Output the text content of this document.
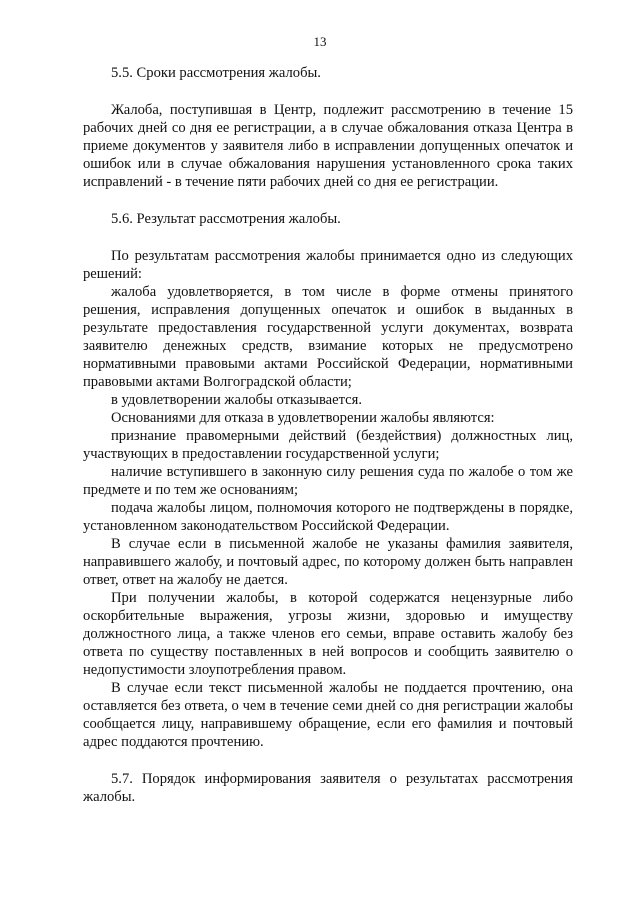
13

5.5. Сроки рассмотрения жалобы.

Жалоба, поступившая в Центр, подлежит рассмотрению в течение 15 рабочих дней со дня ее регистрации, а в случае обжалования отказа Центра в приеме документов у заявителя либо в исправлении допущенных опечаток и ошибок или в случае обжалования нарушения установленного срока таких исправлений - в течение пяти рабочих дней со дня ее регистрации.

5.6. Результат рассмотрения жалобы.

По результатам рассмотрения жалобы принимается одно из следующих решений:

жалоба удовлетворяется, в том числе в форме отмены принятого решения, исправления допущенных опечаток и ошибок в выданных в результате предоставления государственной услуги документах, возврата заявителю денежных средств, взимание которых не предусмотрено нормативными правовыми актами Российской Федерации, нормативными правовыми актами Волгоградской области;

в удовлетворении жалобы отказывается.

Основаниями для отказа в удовлетворении жалобы являются:

признание правомерными действий (бездействия) должностных лиц, участвующих в предоставлении государственной услуги;

наличие вступившего в законную силу решения суда по жалобе о том же предмете и по тем же основаниям;

подача жалобы лицом, полномочия которого не подтверждены в порядке, установленном законодательством Российской Федерации.

В случае если в письменной жалобе не указаны фамилия заявителя, направившего жалобу, и почтовый адрес, по которому должен быть направлен ответ, ответ на жалобу не дается.

При получении жалобы, в которой содержатся нецензурные либо оскорбительные выражения, угрозы жизни, здоровью и имуществу должностного лица, а также членов его семьи, вправе оставить жалобу без ответа по существу поставленных в ней вопросов и сообщить заявителю о недопустимости злоупотребления правом.

В случае если текст письменной жалобы не поддается прочтению, она оставляется без ответа, о чем в течение семи дней со дня регистрации жалобы сообщается лицу, направившему обращение, если его фамилия и почтовый адрес поддаются прочтению.

5.7. Порядок информирования заявителя о результатах рассмотрения жалобы.
